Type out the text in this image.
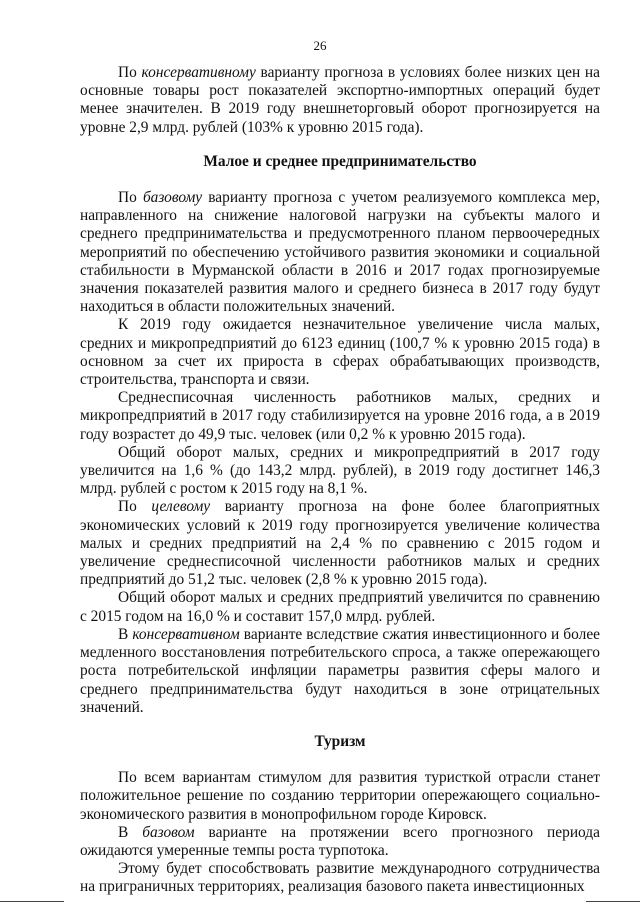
26

По консервативному варианту прогноза в условиях более низких цен на основные товары рост показателей экспортно-импортных операций будет менее значителен. В 2019 году внешнеторговый оборот прогнозируется на уровне 2,9 млрд. рублей (103% к уровню 2015 года).

Малое и среднее предпринимательство

По базовому варианту прогноза с учетом реализуемого комплекса мер, направленного на снижение налоговой нагрузки на субъекты малого и среднего предпринимательства и предусмотренного планом первоочередных мероприятий по обеспечению устойчивого развития экономики и социальной стабильности в Мурманской области в 2016 и 2017 годах прогнозируемые значения показателей развития малого и среднего бизнеса в 2017 году будут находиться в области положительных значений.

К 2019 году ожидается незначительное увеличение числа малых, средних и микропредприятий до 6123 единиц (100,7 % к уровню 2015 года) в основном за счет их прироста в сферах обрабатывающих производств, строительства, транспорта и связи.

Среднесписочная численность работников малых, средних и микропредприятий в 2017 году стабилизируется на уровне 2016 года, а в 2019 году возрастет до 49,9 тыс. человек (или 0,2 % к уровню 2015 года).

Общий оборот малых, средних и микропредприятий в 2017 году увеличится на 1,6 % (до 143,2 млрд. рублей), в 2019 году достигнет 146,3 млрд. рублей с ростом к 2015 году на 8,1 %.

По целевому варианту прогноза на фоне более благоприятных экономических условий к 2019 году прогнозируется увеличение количества малых и средних предприятий на 2,4 % по сравнению с 2015 годом и увеличение среднесписочной численности работников малых и средних предприятий до 51,2 тыс. человек (2,8 % к уровню 2015 года).

Общий оборот малых и средних предприятий увеличится по сравнению с 2015 годом на 16,0 % и составит 157,0 млрд. рублей.

В консервативном варианте вследствие сжатия инвестиционного и более медленного восстановления потребительского спроса, а также опережающего роста потребительской инфляции параметры развития сферы малого и среднего предпринимательства будут находиться в зоне отрицательных значений.

Туризм

По всем вариантам стимулом для развития туристкой отрасли станет положительное решение по созданию территории опережающего социально-экономического развития в монопрофильном городе Кировск.

В базовом варианте на протяжении всего прогнозного периода ожидаются умеренные темпы роста турпотока.

Этому будет способствовать развитие международного сотрудничества на приграничных территориях, реализация базового пакета инвестиционных
